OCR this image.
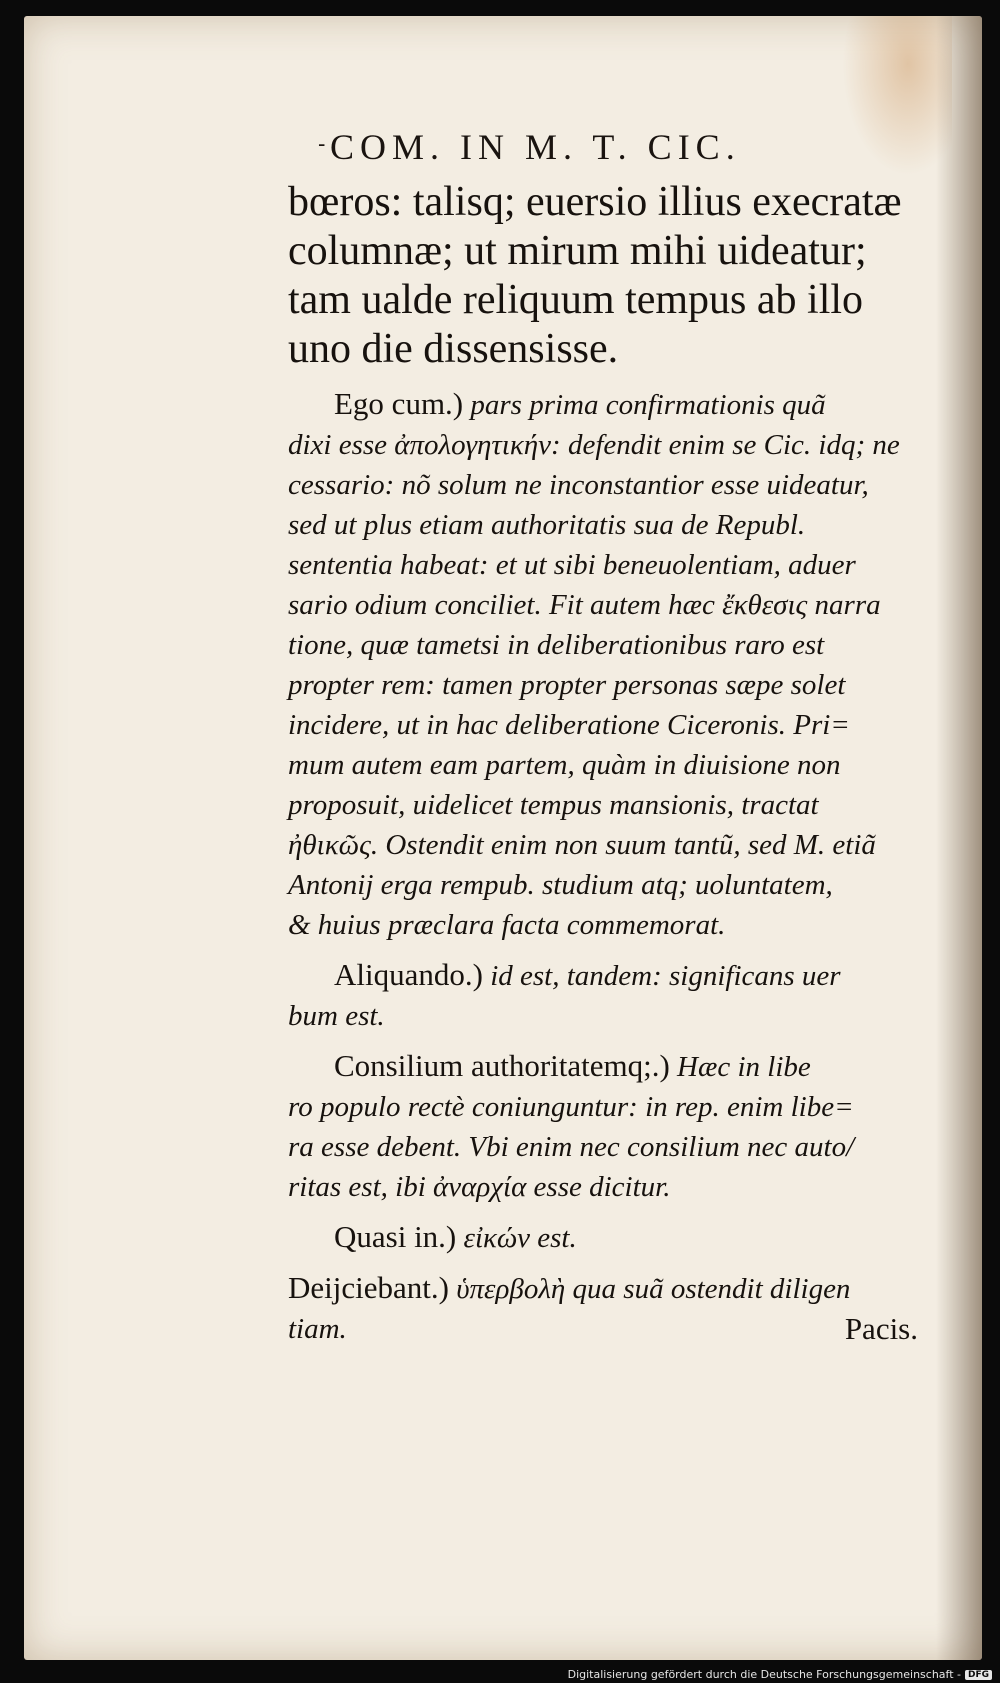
- COM. IN M. T. CIC.
bœros: talisq; euersio illius execratæ
columnæ; ut mirum mihi uideatur;
tam ualde reliquum tempus ab illo
uno die dissensisse.
Ego cum.) pars prima confirmationis quã
dixi esse ἀπολογητικήν: defendit enim se Cic. idq; ne
cessario: nõ solum ne inconstantior esse uideatur,
sed ut plus etiam authoritatis sua de Republ.
sententia habeat: et ut sibi beneuolentiam, aduer
sario odium conciliet. Fit autem hæc ἔκθεσις narra
tione, quæ tametsi in deliberationibus raro est
propter rem: tamen propter personas sæpe solet
incidere, ut in hac deliberatione Ciceronis. Pri=
mum autem eam partem, quàm in diuisione non
proposuit, uidelicet tempus mansionis, tractat
ἠθικῶς. Ostendit enim non suum tantũ, sed M. etiã
Antonij erga rempub. studium atq; uoluntatem,
& huius præclara facta commemorat.
Aliquando.) id est, tandem: significans uer
bum est.
Consilium authoritatemq;.) Hæc in libe
ro populo rectè coniunguntur: in rep. enim libe=
ra esse debent. Vbi enim nec consilium nec auto/
ritas est, ibi ἀναρχία esse dicitur.
Quasi in.) εἰκών est.
Deijciebant.) ὑπερβολὴ qua suã ostendit diligen
tiam.	Pacis.
Digitalisierung gefördert durch die Deutsche Forschungsgemeinschaft - DFG
